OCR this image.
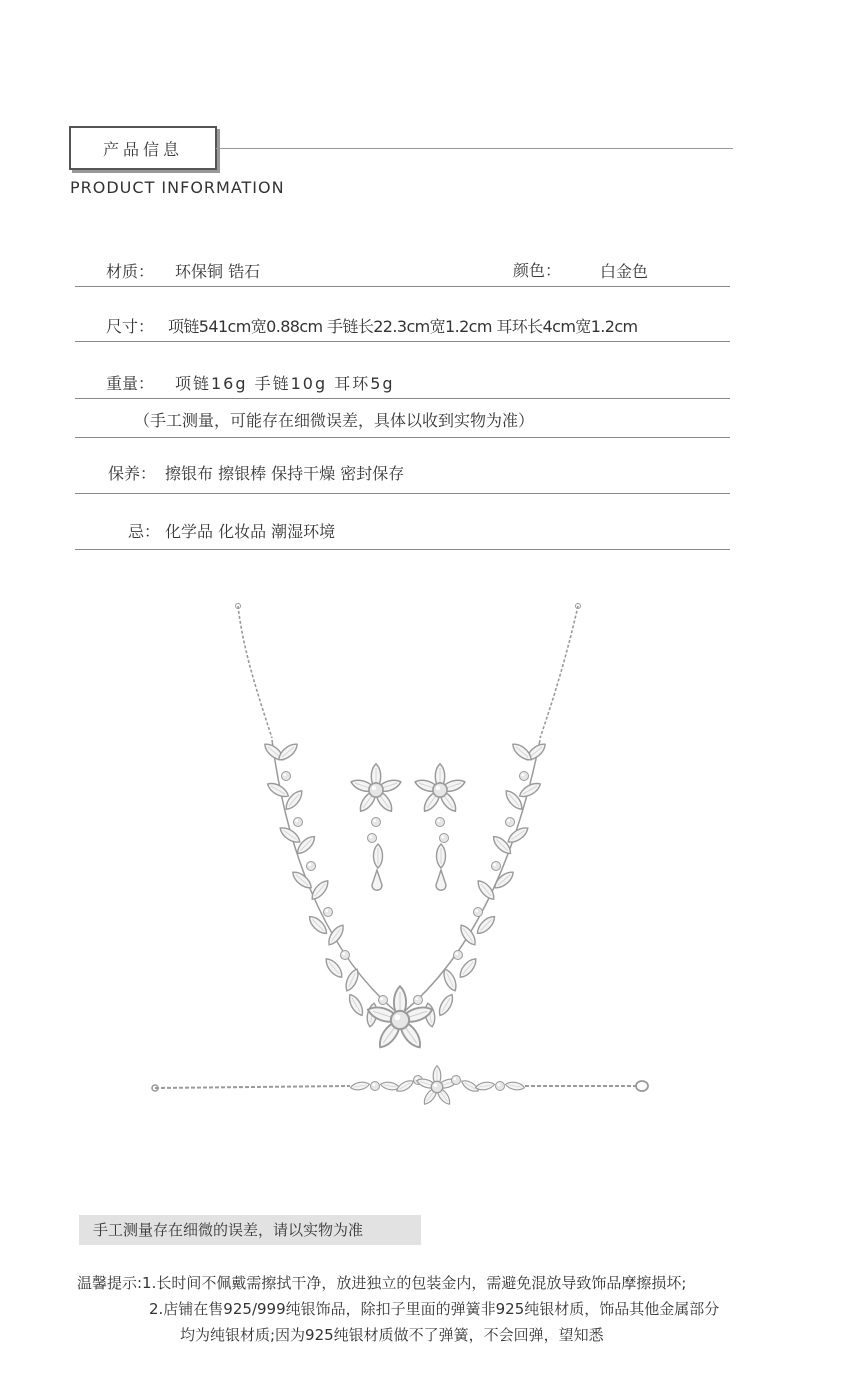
产品信息
PRODUCT INFORMATION
材质： 环保铜 锆石	颜色： 白金色
尺寸： 项链541cm宽0.88cm 手链长22.3cm宽1.2cm 耳环长4cm宽1.2cm
重量： 项链16g 手链10g 耳环5g
（手工测量，可能存在细微误差，具体以收到实物为准）
保养： 擦银布 擦银棒 保持干燥 密封保存
忌： 化学品 化妆品 潮湿环境
手工测量存在细微的误差，请以实物为准
温馨提示:1.长时间不佩戴需擦拭干净，放进独立的包装金内，需避免混放导致饰品摩擦损坏;
2.店铺在售925/999纯银饰品，除扣子里面的弹簧非925纯银材质，饰品其他金属部分
均为纯银材质;因为925纯银材质做不了弹簧，不会回弹，望知悉
